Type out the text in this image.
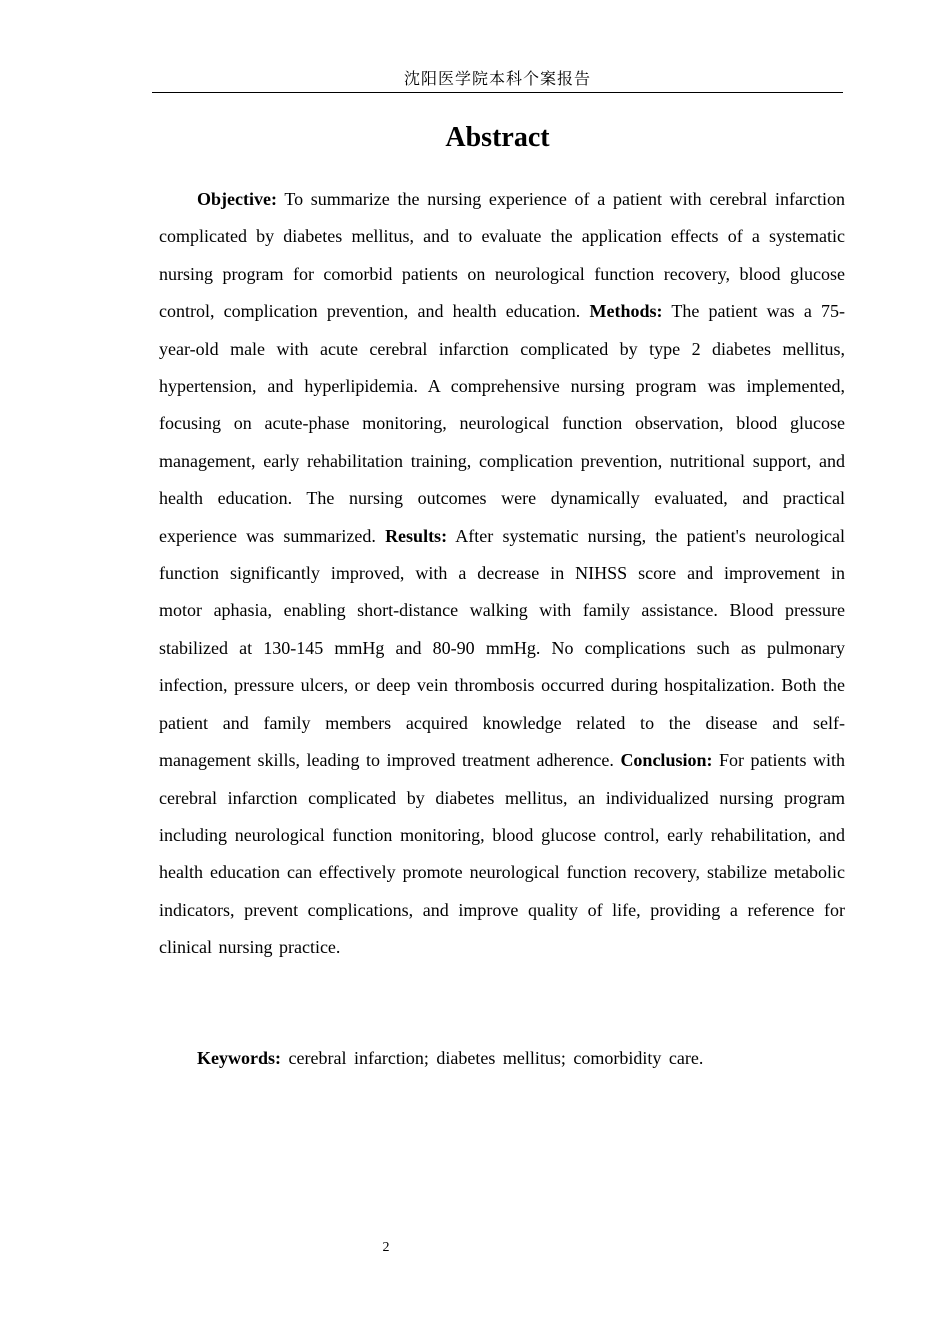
沈阳医学院本科个案报告
Abstract

Objective: To summarize the nursing experience of a patient with cerebral infarction complicated by diabetes mellitus, and to evaluate the application effects of a systematic nursing program for comorbid patients on neurological function recovery, blood glucose control, complication prevention, and health education. Methods: The patient was a 75-year-old male with acute cerebral infarction complicated by type 2 diabetes mellitus, hypertension, and hyperlipidemia. A comprehensive nursing program was implemented, focusing on acute-phase monitoring, neurological function observation, blood glucose management, early rehabilitation training, complication prevention, nutritional support, and health education. The nursing outcomes were dynamically evaluated, and practical experience was summarized. Results: After systematic nursing, the patient's neurological function significantly improved, with a decrease in NIHSS score and improvement in motor aphasia, enabling short-distance walking with family assistance. Blood pressure stabilized at 130-145 mmHg and 80-90 mmHg. No complications such as pulmonary infection, pressure ulcers, or deep vein thrombosis occurred during hospitalization. Both the patient and family members acquired knowledge related to the disease and self-management skills, leading to improved treatment adherence. Conclusion: For patients with cerebral infarction complicated by diabetes mellitus, an individualized nursing program including neurological function monitoring, blood glucose control, early rehabilitation, and health education can effectively promote neurological function recovery, stabilize metabolic indicators, prevent complications, and improve quality of life, providing a reference for clinical nursing practice.

Keywords: cerebral infarction; diabetes mellitus; comorbidity care.

2
